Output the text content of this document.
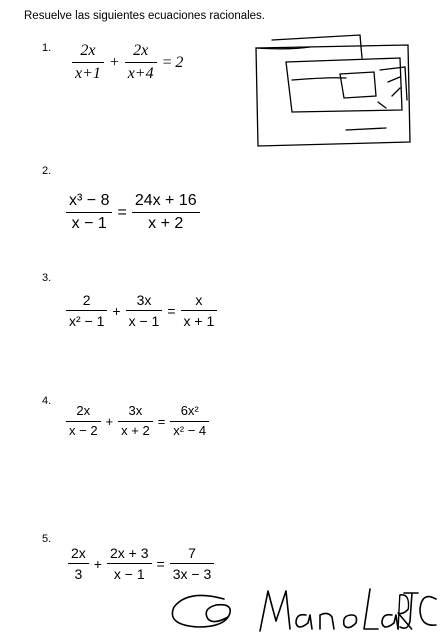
Resuelve las siguientes ecuaciones racionales.
1. $\frac{2x}{x+1} + \frac{2x}{x+4} = 2$
2.
$\frac{\text{x³ − 8}}{x - 1} = \frac{24x + 16}{x + 2}$
3.
$\frac{2}{\text{x² − 1}} + \frac{3x}{x - 1} = \frac{x}{x + 1}$
4.
$\frac{2x}{x - 2} + \frac{3x}{x + 2} = \frac{\text{6x²}}{\text{x² − 4}}$
5.
$\frac{2x}{3} + \frac{2x + 3}{x - 1} = \frac{7}{3x - 3}$
